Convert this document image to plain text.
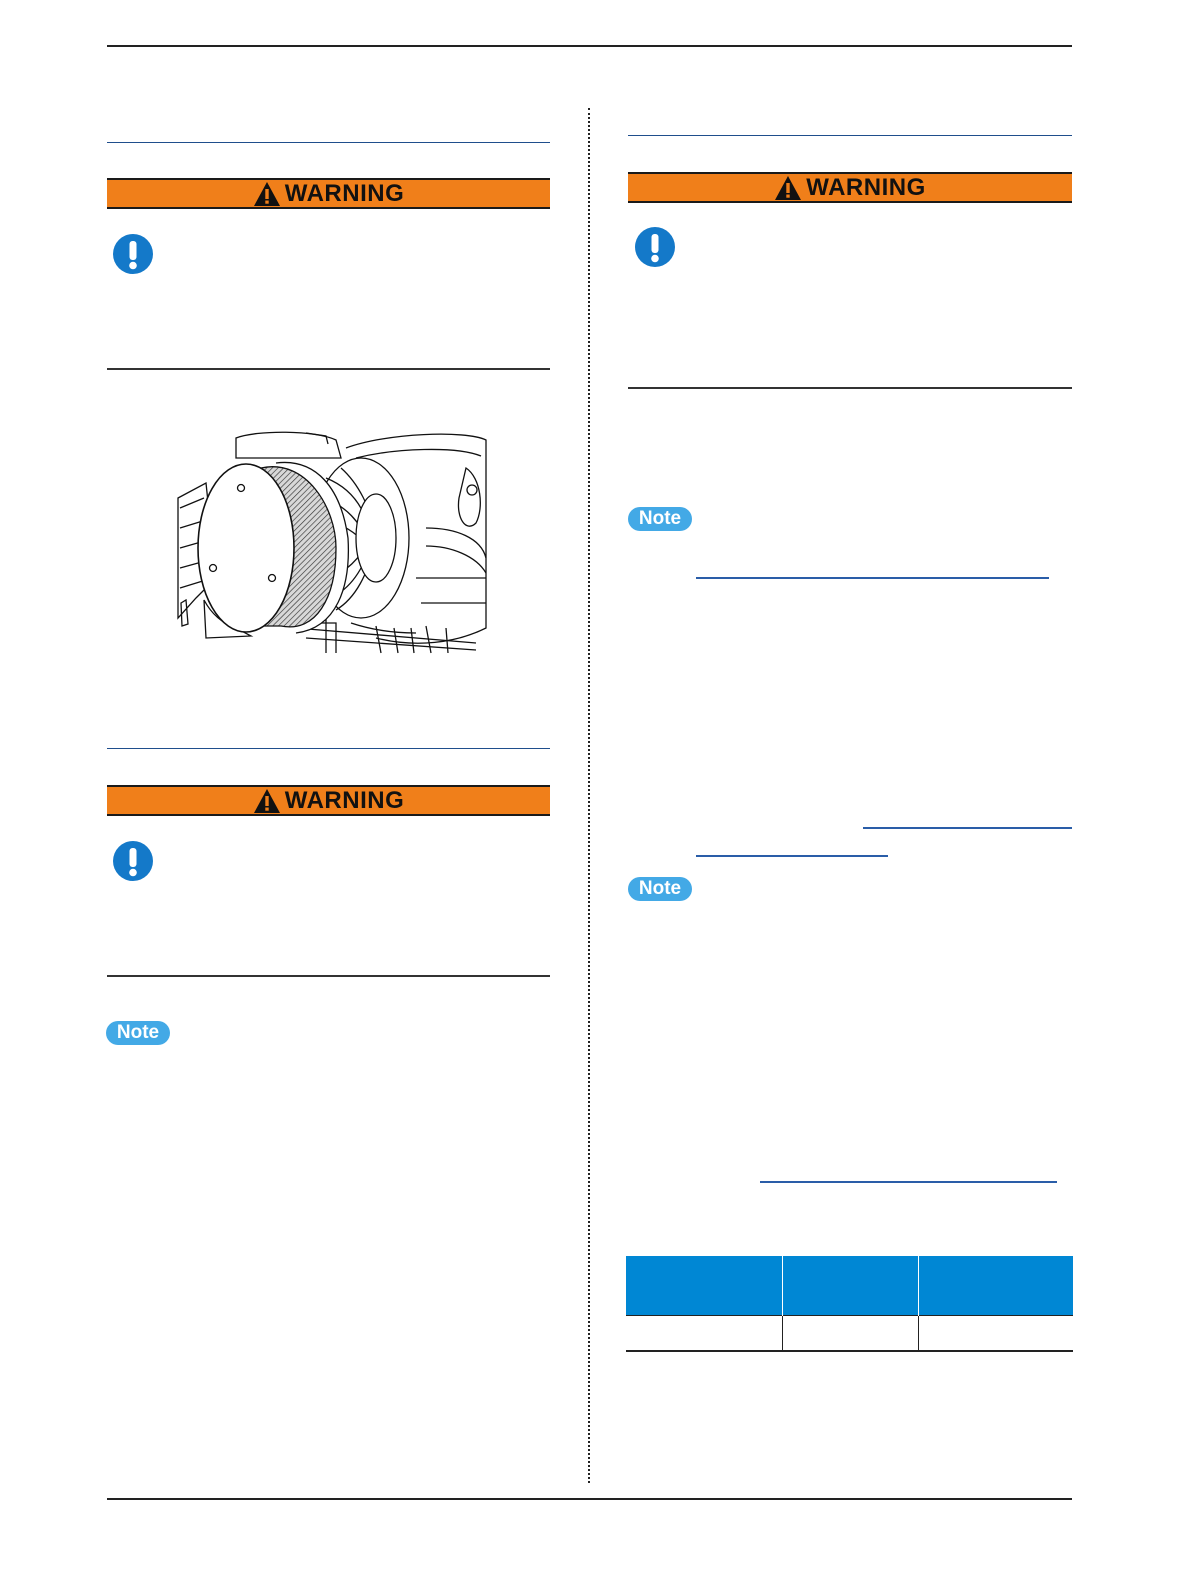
WARNING
WARNING
Note
WARNING
Note
Note
